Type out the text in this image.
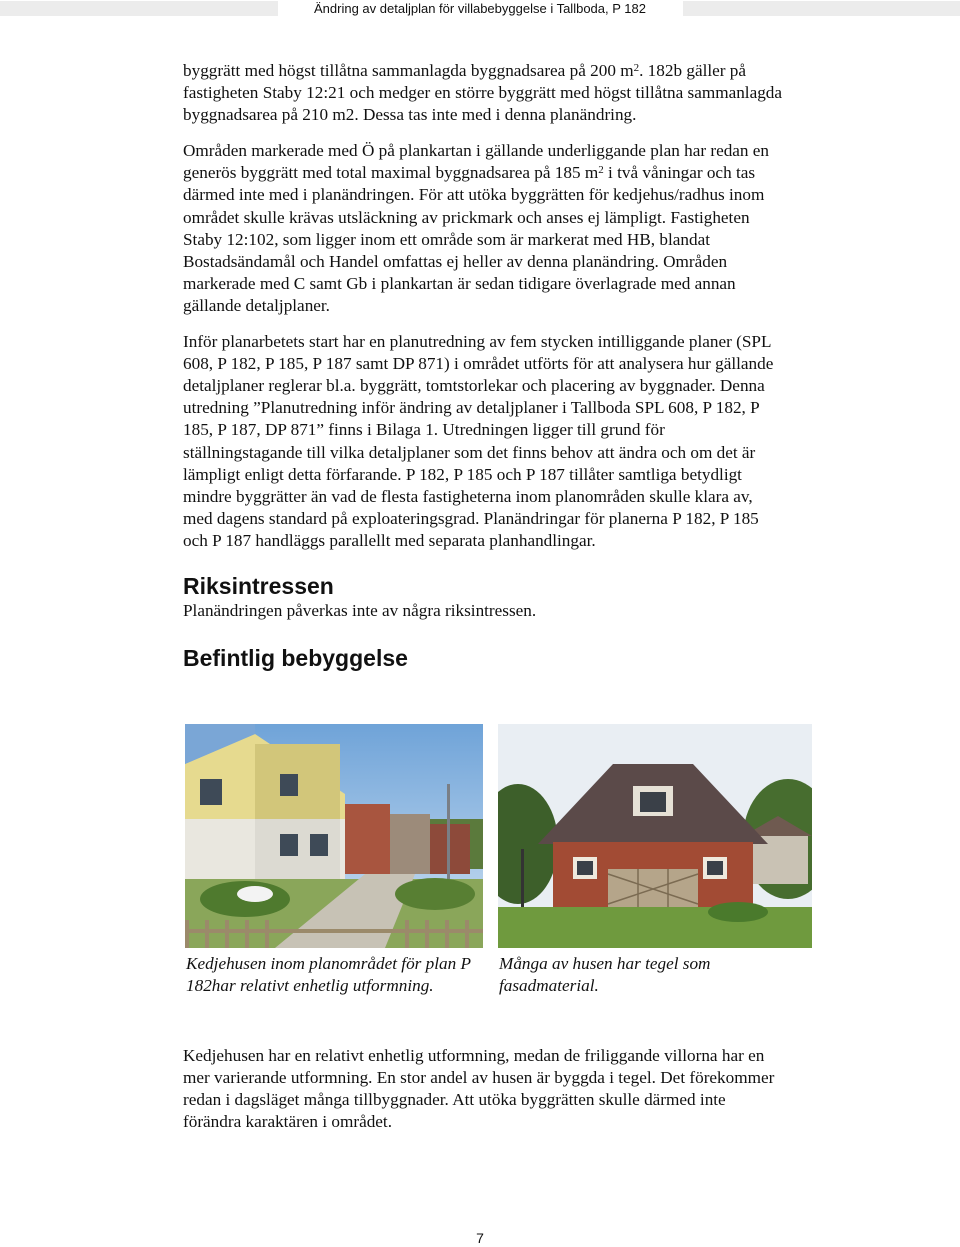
Ändring av detaljplan för villabebyggelse i Tallboda, P 182

byggrätt med högst tillåtna sammanlagda byggnadsarea på 200 $m^2$. 182b gäller på fastigheten Staby 12:21 och medger en större byggrätt med högst tillåtna sammanlagda byggnadsarea på 210 m2. Dessa tas inte med i denna planändring.

Områden markerade med Ö på plankartan i gällande underliggande plan har redan en generös byggrätt med total maximal byggnadsarea på 185 $m^2$ i två våningar och tas därmed inte med i planändringen. För att utöka byggrätten för kedjehus/radhus inom området skulle krävas utsläckning av prickmark och anses ej lämpligt. Fastigheten Staby 12:102, som ligger inom ett område som är markerat med HB, blandat Bostadsändamål och Handel omfattas ej heller av denna planändring. Områden markerade med C samt Gb i plankartan är sedan tidigare överlagrade med annan gällande detaljplaner.

Inför planarbetets start har en planutredning av fem stycken intilliggande planer (SPL 608, P 182, P 185, P 187 samt DP 871) i området utförts för att analysera hur gällande detaljplaner reglerar bl.a. byggrätt, tomtstorlekar och placering av byggnader. Denna utredning ”Planutredning inför ändring av detaljplaner i Tallboda SPL 608, P 182, P 185, P 187, DP 871” finns i Bilaga 1. Utredningen ligger till grund för ställningstagande till vilka detaljplaner som det finns behov att ändra och om det är lämpligt enligt detta förfarande. P 182, P 185 och P 187 tillåter samtliga betydligt mindre byggrätter än vad de flesta fastigheterna inom planområden skulle klara av, med dagens standard på exploateringsgrad. Planändringar för planerna P 182, P 185 och P 187 handläggs parallellt med separata planhandlingar.

Riksintressen

Planändringen påverkas inte av några riksintressen.

Befintlig bebyggelse
Kedjehusen inom planområdet för plan P 182har relativt enhetlig utformning.
Många av husen har tegel som fasadmaterial.

Kedjehusen har en relativt enhetlig utformning, medan de friliggande villorna har en mer varierande utformning. En stor andel av husen är byggda i tegel. Det förekommer redan i dagsläget många tillbyggnader. Att utöka byggrätten skulle därmed inte förändra karaktären i området.

7
